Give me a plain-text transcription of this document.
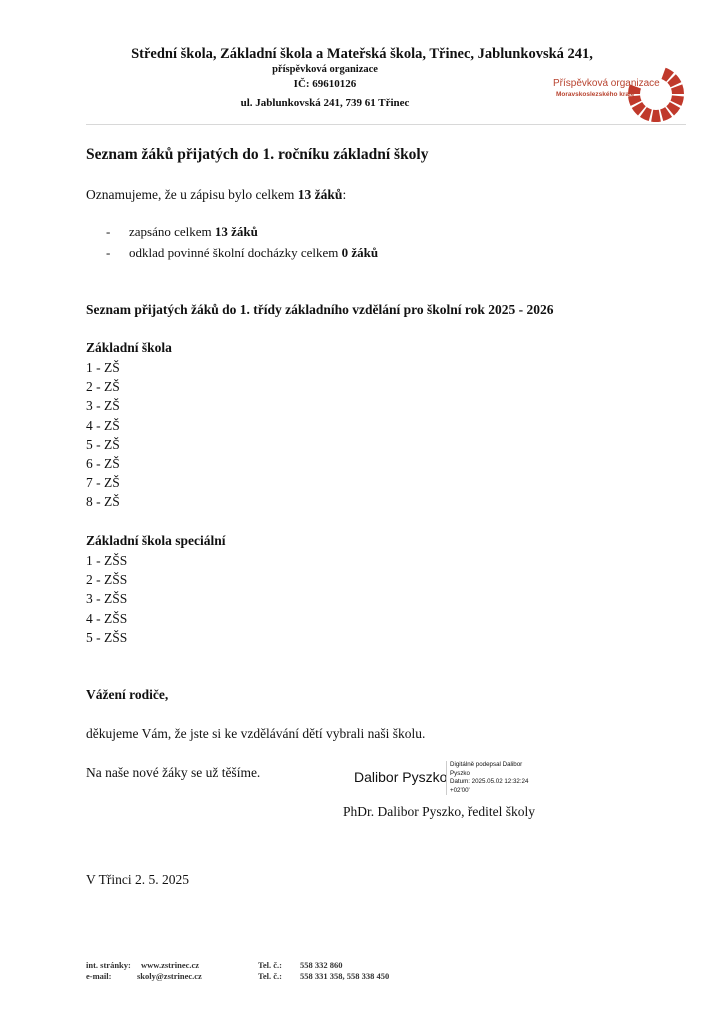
Střední škola, Základní škola a Mateřská škola, Třinec, Jablunkovská 241,
příspěvková organizace
IČ: 69610126
ul. Jablunkovská 241, 739 61 Třinec
Příspěvková organizace
Moravskoslezského kraje
Seznam žáků přijatých do 1. ročníku základní školy
Oznamujeme, že u zápisu bylo celkem 13 žáků:
- zapsáno celkem 13 žáků
- odklad povinné školní docházky celkem 0 žáků
Seznam přijatých žáků do 1. třídy základního vzdělání pro školní rok 2025 - 2026
Základní škola
1 - ZŠ
2 - ZŠ
3 - ZŠ
4 - ZŠ
5 - ZŠ
6 - ZŠ
7 - ZŠ
8 - ZŠ
Základní škola speciální
1 - ZŠS
2 - ZŠS
3 - ZŠS
4 - ZŠS
5 - ZŠS
Vážení rodiče,
děkujeme Vám, že jste si ke vzdělávání dětí vybrali naši školu.
Na naše nové žáky se už těšíme.	Dalibor Pyszko
Digitálně podepsal Dalibor
Pyszko
Datum: 2025.05.02 12:32:24
+02'00'
PhDr. Dalibor Pyszko, ředitel školy
V Třinci 2. 5. 2025
int. stránky: www.zstrinec.cz
e-mail:	skoly@zstrinec.cz
Tel. č.: 558 332 860
Tel. č.: 558 331 358, 558 338 450
